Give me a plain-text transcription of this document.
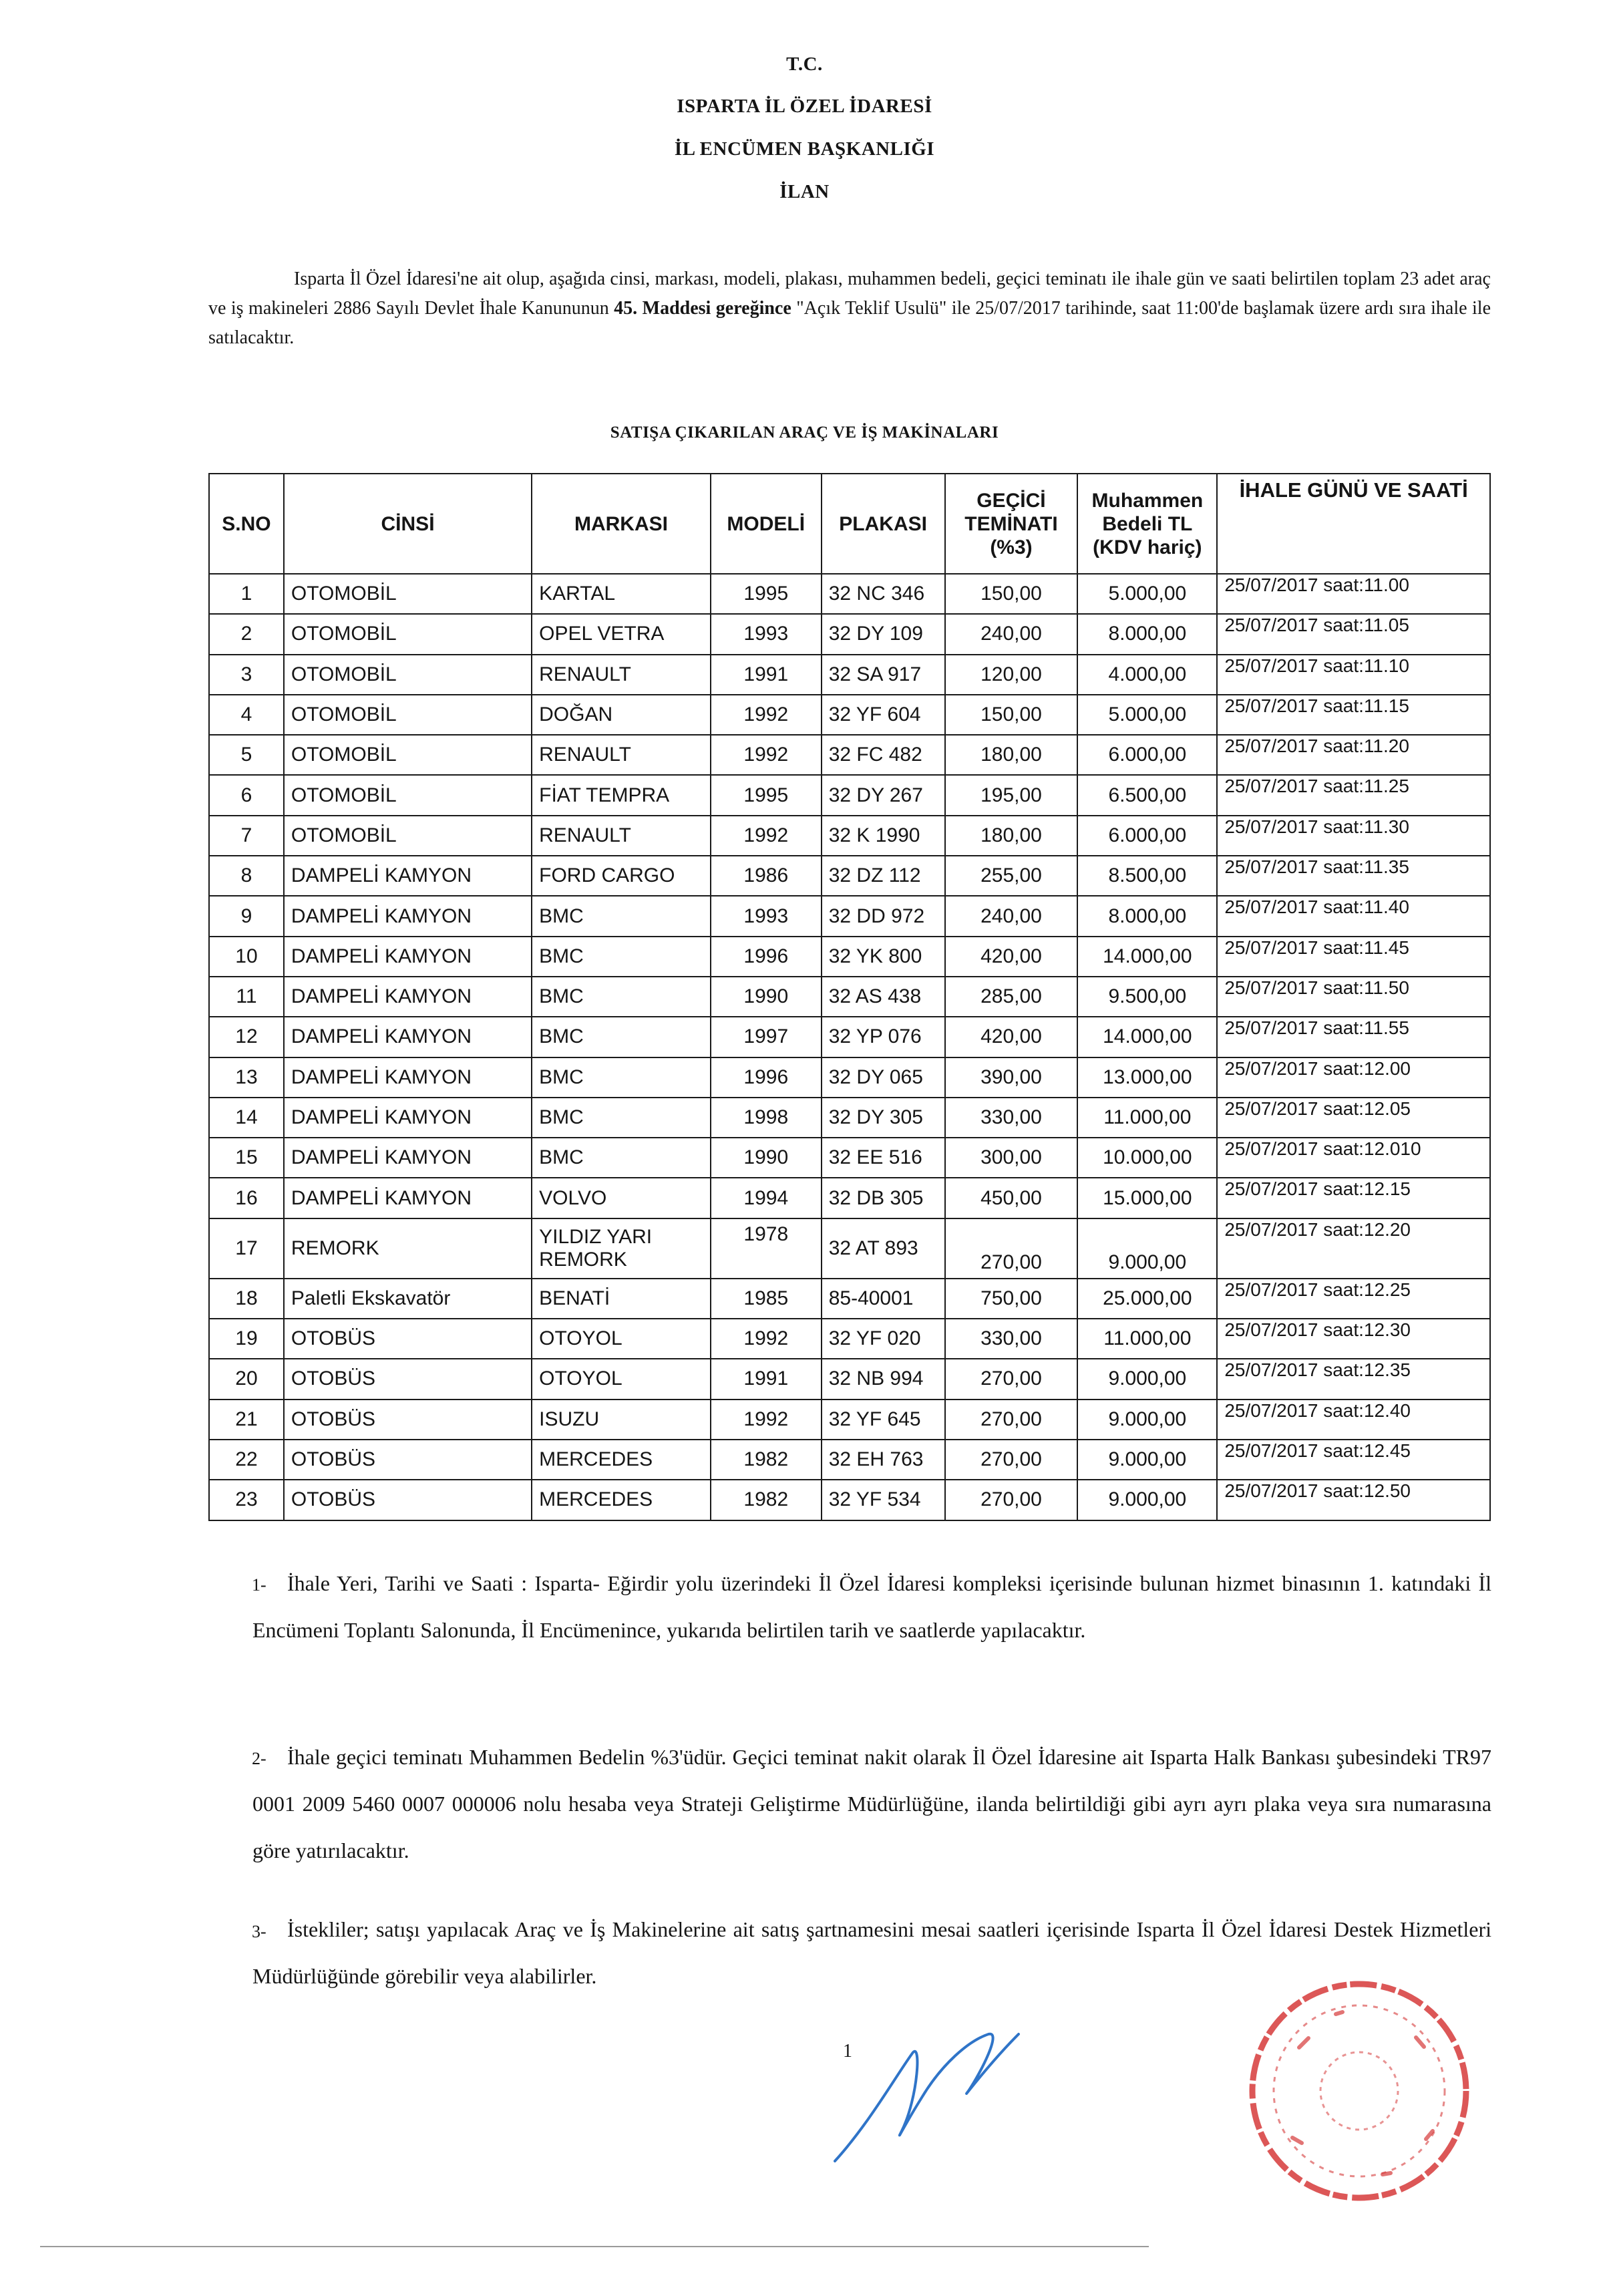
T.C.
ISPARTA İL ÖZEL İDARESİ
İL ENCÜMEN BAŞKANLIĞI
İLAN
Isparta İl Özel İdaresi'ne ait olup, aşağıda cinsi, markası, modeli, plakası, muhammen bedeli, geçici teminatı ile ihale gün ve saati belirtilen toplam 23 adet araç ve iş makineleri 2886 Sayılı Devlet İhale Kanununun 45. Maddesi gereğince "Açık Teklif Usulü" ile 25/07/2017 tarihinde, saat 11:00'de başlamak üzere ardı sıra ihale ile satılacaktır.
SATIŞA ÇIKARILAN ARAÇ VE İŞ MAKİNALARI
S.NO	CİNSİ	MARKASI	MODELİ	PLAKASI	GEÇİCİ TEMİNATI (%3)	Muhammen Bedeli TL (KDV hariç)	İHALE GÜNÜ VE SAATİ
1	OTOMOBİL	KARTAL	1995	32 NC 346	150,00	5.000,00	25/07/2017 saat:11.00
2	OTOMOBİL	OPEL VETRA	1993	32 DY 109	240,00	8.000,00	25/07/2017 saat:11.05
3	OTOMOBİL	RENAULT	1991	32 SA 917	120,00	4.000,00	25/07/2017 saat:11.10
4	OTOMOBİL	DOĞAN	1992	32 YF 604	150,00	5.000,00	25/07/2017 saat:11.15
5	OTOMOBİL	RENAULT	1992	32 FC 482	180,00	6.000,00	25/07/2017 saat:11.20
6	OTOMOBİL	FİAT TEMPRA	1995	32 DY 267	195,00	6.500,00	25/07/2017 saat:11.25
7	OTOMOBİL	RENAULT	1992	32 K 1990	180,00	6.000,00	25/07/2017 saat:11.30
8	DAMPELİ KAMYON	FORD CARGO	1986	32 DZ 112	255,00	8.500,00	25/07/2017 saat:11.35
9	DAMPELİ KAMYON	BMC	1993	32 DD 972	240,00	8.000,00	25/07/2017 saat:11.40
10	DAMPELİ KAMYON	BMC	1996	32 YK 800	420,00	14.000,00	25/07/2017 saat:11.45
11	DAMPELİ KAMYON	BMC	1990	32 AS 438	285,00	9.500,00	25/07/2017 saat:11.50
12	DAMPELİ KAMYON	BMC	1997	32 YP 076	420,00	14.000,00	25/07/2017 saat:11.55
13	DAMPELİ KAMYON	BMC	1996	32 DY 065	390,00	13.000,00	25/07/2017 saat:12.00
14	DAMPELİ KAMYON	BMC	1998	32 DY 305	330,00	11.000,00	25/07/2017 saat:12.05
15	DAMPELİ KAMYON	BMC	1990	32 EE 516	300,00	10.000,00	25/07/2017 saat:12.010
16	DAMPELİ KAMYON	VOLVO	1994	32 DB 305	450,00	15.000,00	25/07/2017 saat:12.15
17	REMORK	YILDIZ YARI REMORK	1978	32 AT 893	270,00	9.000,00	25/07/2017 saat:12.20
18	Paletli Ekskavatör	BENATİ	1985	85-40001	750,00	25.000,00	25/07/2017 saat:12.25
19	OTOBÜS	OTOYOL	1992	32 YF 020	330,00	11.000,00	25/07/2017 saat:12.30
20	OTOBÜS	OTOYOL	1991	32 NB 994	270,00	9.000,00	25/07/2017 saat:12.35
21	OTOBÜS	ISUZU	1992	32 YF 645	270,00	9.000,00	25/07/2017 saat:12.40
22	OTOBÜS	MERCEDES	1982	32 EH 763	270,00	9.000,00	25/07/2017 saat:12.45
23	OTOBÜS	MERCEDES	1982	32 YF 534	270,00	9.000,00	25/07/2017 saat:12.50
1- İhale Yeri, Tarihi ve Saati : Isparta- Eğirdir yolu üzerindeki İl Özel İdaresi kompleksi içerisinde bulunan hizmet binasının 1. katındaki İl Encümeni Toplantı Salonunda, İl Encümenince, yukarıda belirtilen tarih ve saatlerde yapılacaktır.
2- İhale geçici teminatı Muhammen Bedelin %3'üdür. Geçici teminat nakit olarak İl Özel İdaresine ait Isparta Halk Bankası şubesindeki TR97 0001 2009 5460 0007 000006 nolu hesaba veya Strateji Geliştirme Müdürlüğüne, ilanda belirtildiği gibi ayrı ayrı plaka veya sıra numarasına göre yatırılacaktır.
3- İstekliler; satışı yapılacak Araç ve İş Makinelerine ait satış şartnamesini mesai saatleri içerisinde Isparta İl Özel İdaresi Destek Hizmetleri Müdürlüğünde görebilir veya alabilirler.
1
